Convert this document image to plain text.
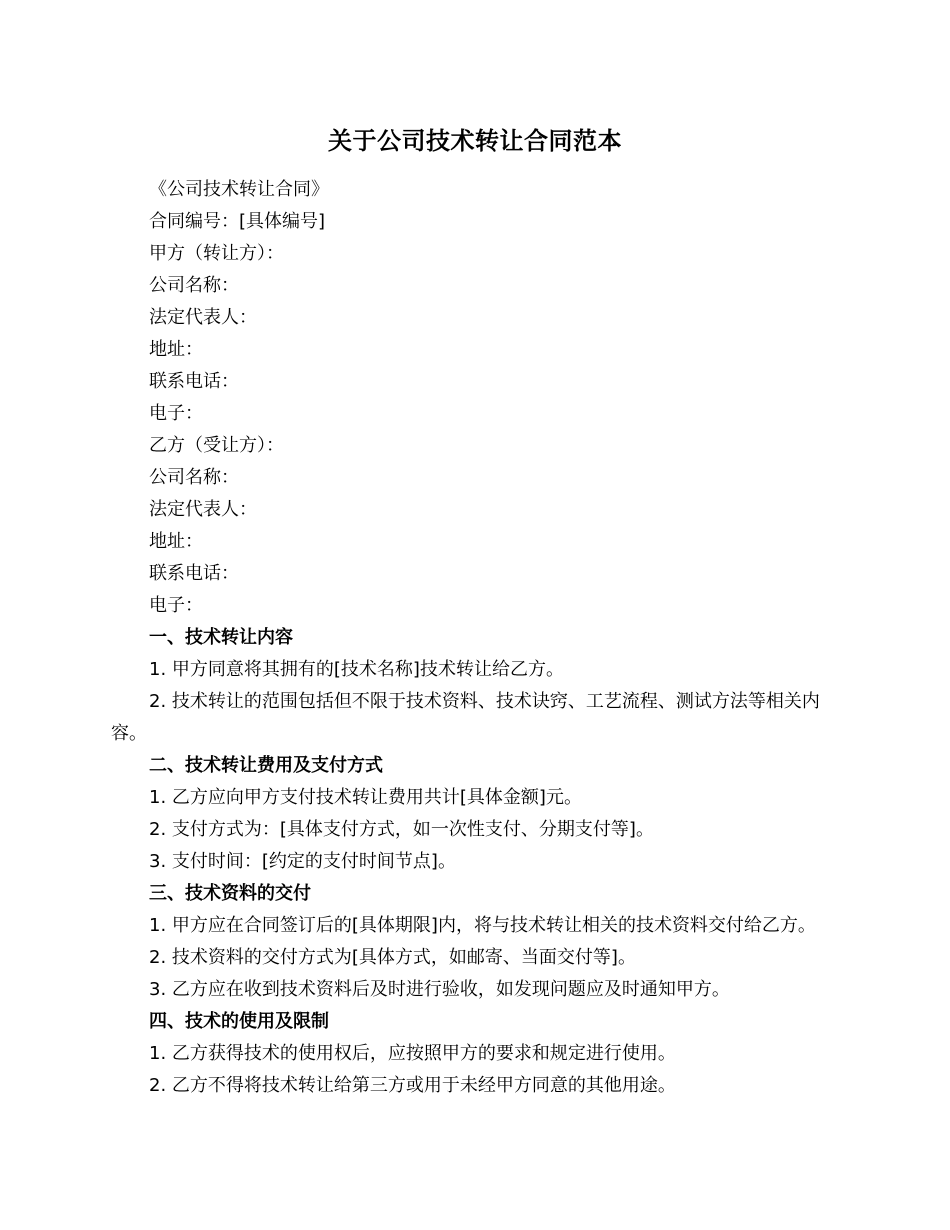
关于公司技术转让合同范本
《公司技术转让合同》
合同编号：[具体编号]
甲方（转让方）：
公司名称：
法定代表人：
地址：
联系电话：
电子：
乙方（受让方）：
公司名称：
法定代表人：
地址：
联系电话：
电子：
一、技术转让内容
1. 甲方同意将其拥有的[技术名称]技术转让给乙方。
2. 技术转让的范围包括但不限于技术资料、技术诀窍、工艺流程、测试方法等相关内容。
二、技术转让费用及支付方式
1. 乙方应向甲方支付技术转让费用共计[具体金额]元。
2. 支付方式为：[具体支付方式，如一次性支付、分期支付等]。
3. 支付时间：[约定的支付时间节点]。
三、技术资料的交付
1. 甲方应在合同签订后的[具体期限]内，将与技术转让相关的技术资料交付给乙方。
2. 技术资料的交付方式为[具体方式，如邮寄、当面交付等]。
3. 乙方应在收到技术资料后及时进行验收，如发现问题应及时通知甲方。
四、技术的使用及限制
1. 乙方获得技术的使用权后，应按照甲方的要求和规定进行使用。
2. 乙方不得将技术转让给第三方或用于未经甲方同意的其他用途。
